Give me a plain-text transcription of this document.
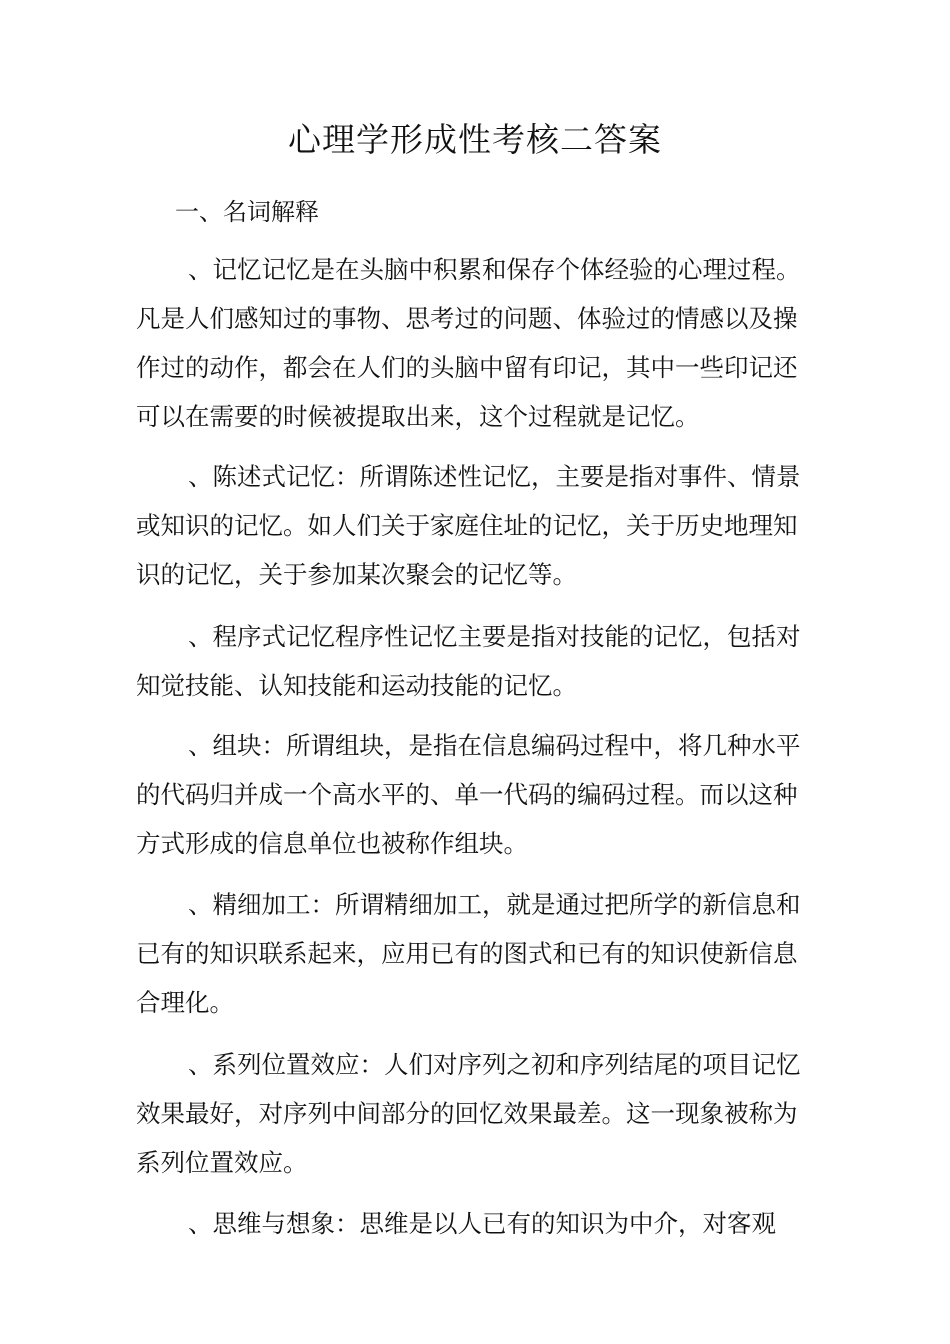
心理学形成性考核二答案
一、名词解释

、记忆记忆是在头脑中积累和保存个体经验的心理过程。凡是人们感知过的事物、思考过的问题、体验过的情感以及操作过的动作，都会在人们的头脑中留有印记，其中一些印记还可以在需要的时候被提取出来，这个过程就是记忆。

、陈述式记忆：所谓陈述性记忆，主要是指对事件、情景或知识的记忆。如人们关于家庭住址的记忆，关于历史地理知识的记忆，关于参加某次聚会的记忆等。

、程序式记忆程序性记忆主要是指对技能的记忆，包括对知觉技能、认知技能和运动技能的记忆。

、组块：所谓组块，是指在信息编码过程中，将几种水平的代码归并成一个高水平的、单一代码的编码过程。而以这种方式形成的信息单位也被称作组块。

、精细加工：所谓精细加工，就是通过把所学的新信息和已有的知识联系起来，应用已有的图式和已有的知识使新信息合理化。

、系列位置效应：人们对序列之初和序列结尾的项目记忆效果最好，对序列中间部分的回忆效果最差。这一现象被称为系列位置效应。

、思维与想象：思维是以人已有的知识为中介，对客观
